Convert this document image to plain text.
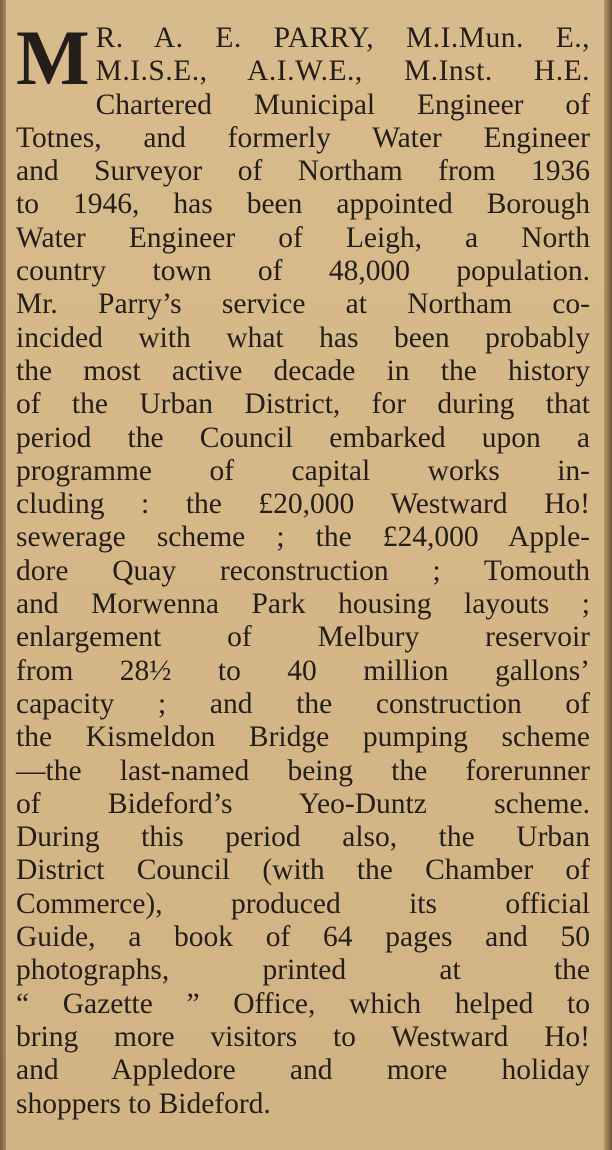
M R. A. E. PARRY, M.I.Mun. E.,
M.I.S.E., A.I.W.E., M.Inst. H.E.
Chartered Municipal Engineer of
Totnes, and formerly Water Engineer
and Surveyor of Northam from 1936
to 1946, has been appointed Borough
Water Engineer of Leigh, a North
country town of 48,000 population.
Mr. Parry’s service at Northam co-
incided with what has been probably
the most active decade in the history
of the Urban District, for during that
period the Council embarked upon a
programme of capital works in-
cluding : the £20,000 Westward Ho!
sewerage scheme ; the £24,000 Apple-
dore Quay reconstruction ; Tomouth
and Morwenna Park housing layouts ;
enlargement of Melbury reservoir
from 28½ to 40 million gallons’
capacity ; and the construction of
the Kismeldon Bridge pumping scheme
—the last-named being the forerunner
of Bideford’s Yeo-Duntz scheme.
During this period also, the Urban
District Council (with the Chamber of
Commerce), produced its official
Guide, a book of 64 pages and 50
photographs, printed at the
“ Gazette ” Office, which helped to
bring more visitors to Westward Ho!
and Appledore and more holiday
shoppers to Bideford.
